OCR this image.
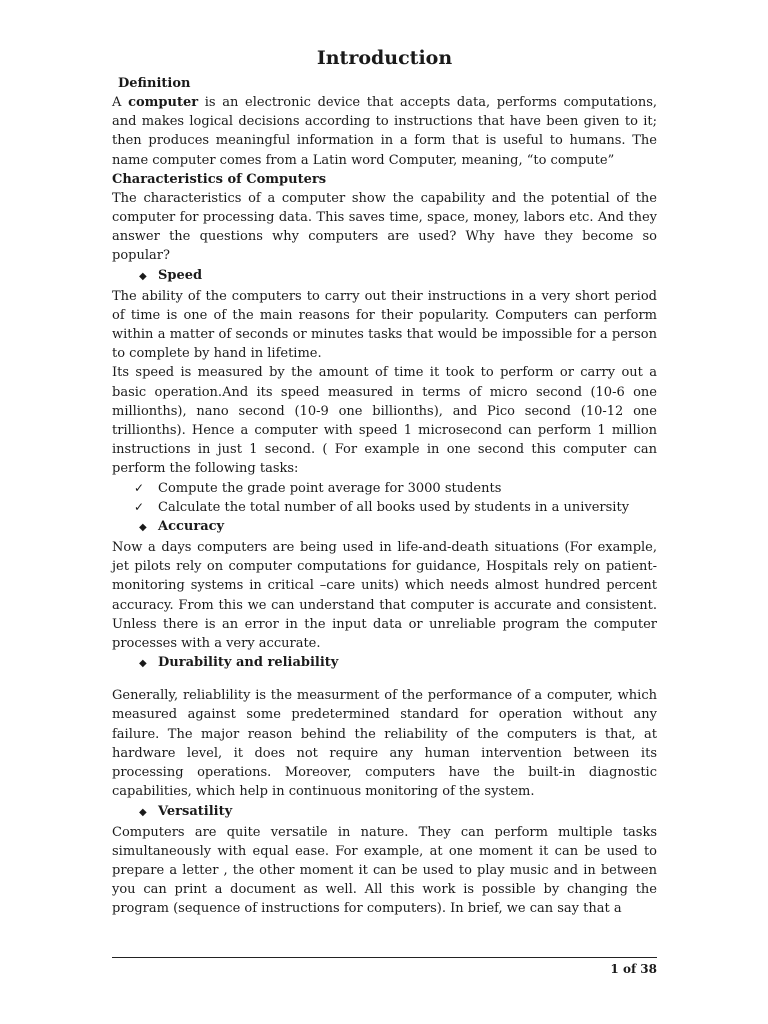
Introduction
Definition

A computer is an electronic device that accepts data, performs computations, and makes logical decisions according to instructions that have been given to it; then produces meaningful information in a form that is useful to humans. The name computer comes from a Latin word Computer, meaning, “to compute”

Characteristics of Computers

The characteristics of a computer show the capability and the potential of the computer for processing data. This saves time, space, money, labors etc. And they answer the questions why computers are used? Why have they become so popular?

◆ Speed

The ability of the computers to carry out their instructions in a very short period of time is one of the main reasons for their popularity. Computers can perform within a matter of seconds or minutes tasks that would be impossible for a person to complete by hand in lifetime.

Its speed is measured by the amount of time it took to perform or carry out a basic operation.And its speed measured in terms of micro second (10-6 one millionths), nano second (10-9 one billionths), and Pico second (10-12 one trillionths). Hence a computer with speed 1 microsecond can perform 1 million instructions in just 1 second. ( For example in one second this computer can perform the following tasks:

✓	Compute the grade point average for 3000 students
✓	Calculate the total number of all books used by students in a university
◆ Accuracy

Now a days computers are being used in life-and-death situations (For example, jet pilots rely on computer computations for guidance, Hospitals rely on patient-monitoring systems in critical –care units) which needs almost hundred percent accuracy. From this we can understand that computer is accurate and consistent. Unless there is an error in the input data or unreliable program the computer processes with a very accurate.

◆ Durability and reliability

Generally, reliablility is the measurment of the performance of a computer, which measured against some predetermined standard for operation without any failure. The major reason behind the reliability of the computers is that, at hardware level, it does not require any human intervention between its processing operations. Moreover, computers have the built-in diagnostic capabilities, which help in continuous monitoring of the system.

◆ Versatility

Computers are quite versatile in nature. They can perform multiple tasks simultaneously with equal ease. For example, at one moment it can be used to prepare a letter , the other moment it can be used to play music and in between you can print a document as well. All this work is possible by changing the program (sequence of instructions for computers). In brief, we can say that a

1 of 38
